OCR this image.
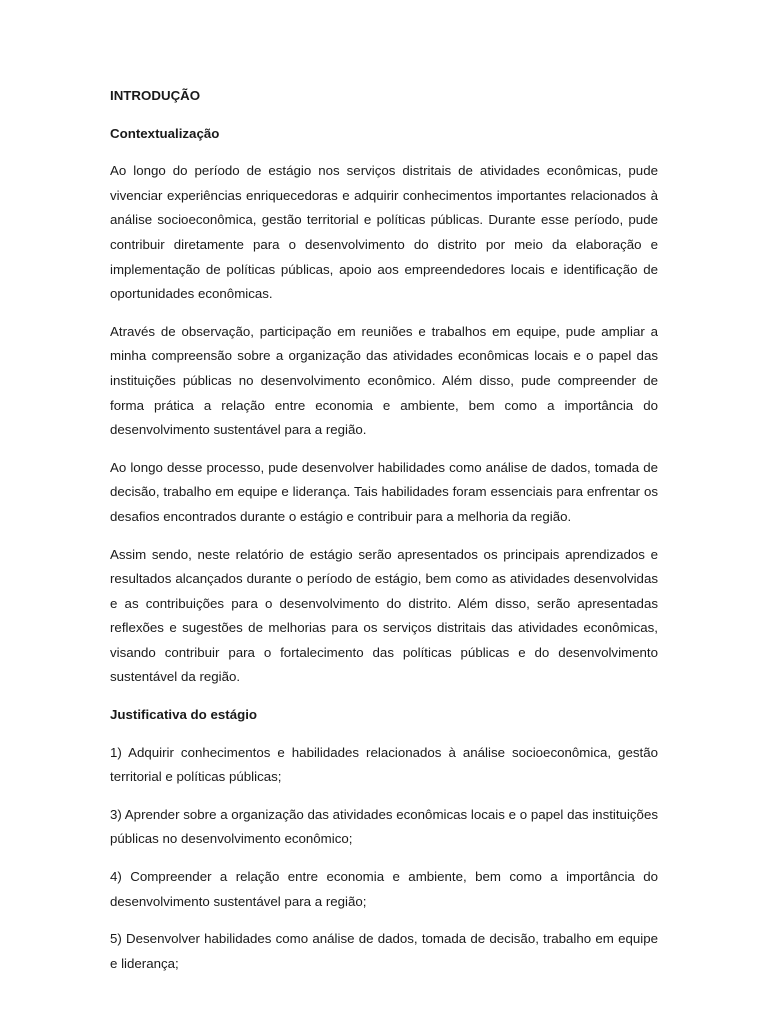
INTRODUÇÃO

Contextualização

Ao longo do período de estágio nos serviços distritais de atividades econômicas, pude vivenciar experiências enriquecedoras e adquirir conhecimentos importantes relacionados à análise socioeconômica, gestão territorial e políticas públicas. Durante esse período, pude contribuir diretamente para o desenvolvimento do distrito por meio da elaboração e implementação de políticas públicas, apoio aos empreendedores locais e identificação de oportunidades econômicas.

Através de observação, participação em reuniões e trabalhos em equipe, pude ampliar a minha compreensão sobre a organização das atividades econômicas locais e o papel das instituições públicas no desenvolvimento econômico. Além disso, pude compreender de forma prática a relação entre economia e ambiente, bem como a importância do desenvolvimento sustentável para a região.

Ao longo desse processo, pude desenvolver habilidades como análise de dados, tomada de decisão, trabalho em equipe e liderança. Tais habilidades foram essenciais para enfrentar os desafios encontrados durante o estágio e contribuir para a melhoria da região.

Assim sendo, neste relatório de estágio serão apresentados os principais aprendizados e resultados alcançados durante o período de estágio, bem como as atividades desenvolvidas e as contribuições para o desenvolvimento do distrito. Além disso, serão apresentadas reflexões e sugestões de melhorias para os serviços distritais das atividades econômicas, visando contribuir para o fortalecimento das políticas públicas e do desenvolvimento sustentável da região.

Justificativa do estágio

1) Adquirir conhecimentos e habilidades relacionados à análise socioeconômica, gestão territorial e políticas públicas;

3) Aprender sobre a organização das atividades econômicas locais e o papel das instituições públicas no desenvolvimento econômico;

4) Compreender a relação entre economia e ambiente, bem como a importância do desenvolvimento sustentável para a região;

5) Desenvolver habilidades como análise de dados, tomada de decisão, trabalho em equipe e liderança;
